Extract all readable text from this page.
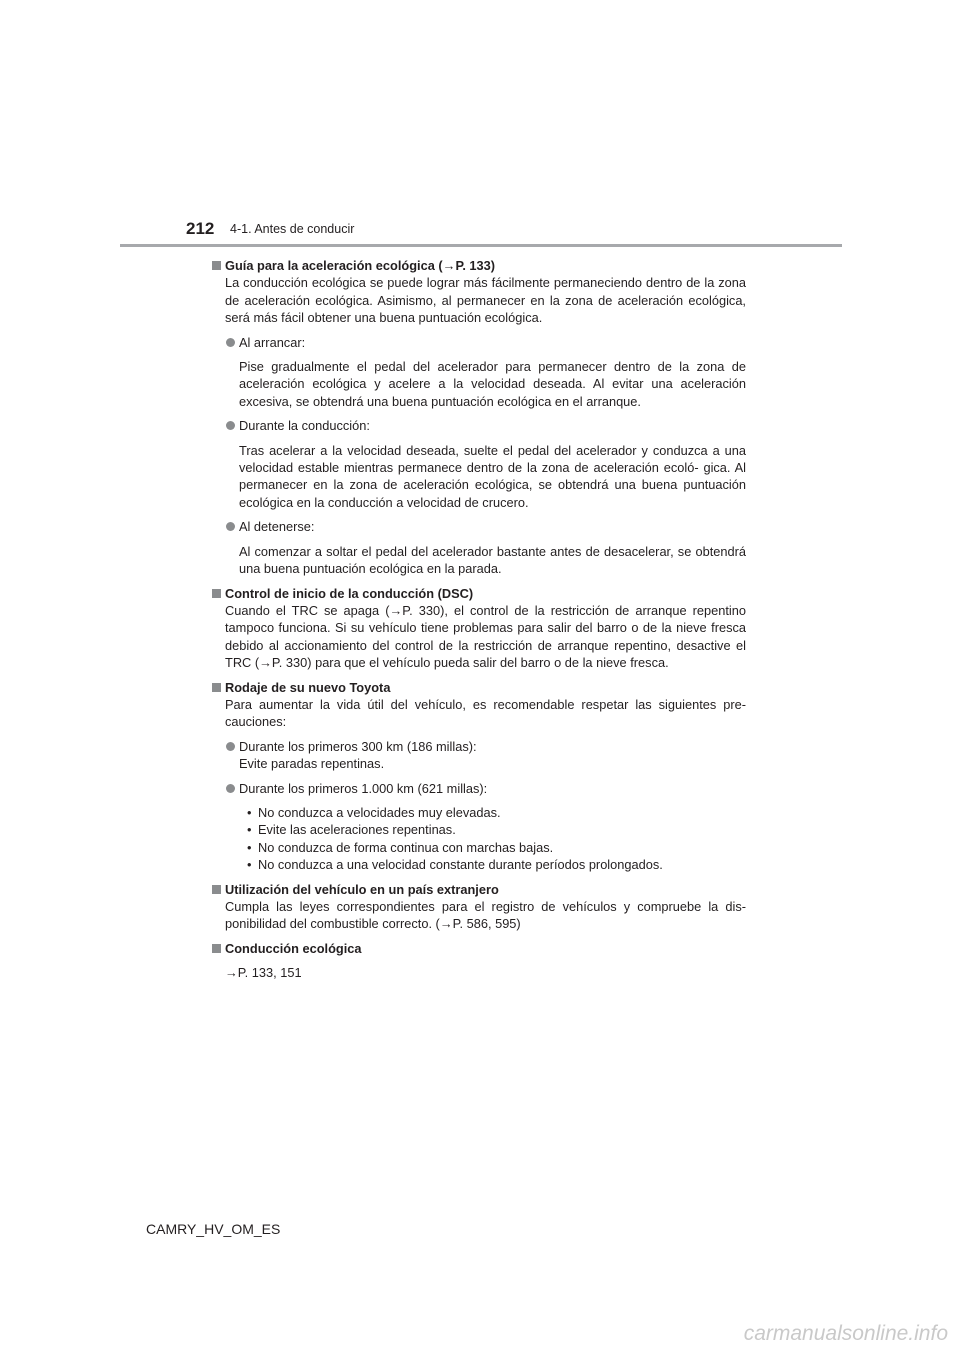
212 4-1. Antes de conducir
Guía para la aceleración ecológica (→P. 133)
La conducción ecológica se puede lograr más fácilmente permaneciendo dentro de la zona de aceleración ecológica. Asimismo, al permanecer en la zona de aceleración ecológica, será más fácil obtener una buena puntuación ecológica.
Al arrancar:
Pise gradualmente el pedal del acelerador para permanecer dentro de la zona de aceleración ecológica y acelere a la velocidad deseada. Al evitar una aceleración excesiva, se obtendrá una buena puntuación ecológica en el arranque.
Durante la conducción:
Tras acelerar a la velocidad deseada, suelte el pedal del acelerador y conduzca a una velocidad estable mientras permanece dentro de la zona de aceleración ecoló- gica. Al permanecer en la zona de aceleración ecológica, se obtendrá una buena puntuación ecológica en la conducción a velocidad de crucero.
Al detenerse:
Al comenzar a soltar el pedal del acelerador bastante antes de desacelerar, se obtendrá una buena puntuación ecológica en la parada.
Control de inicio de la conducción (DSC)
Cuando el TRC se apaga (→P. 330), el control de la restricción de arranque repentino tampoco funciona. Si su vehículo tiene problemas para salir del barro o de la nieve fresca debido al accionamiento del control de la restricción de arranque repentino, desactive el TRC (→P. 330) para que el vehículo pueda salir del barro o de la nieve fresca.
Rodaje de su nuevo Toyota
Para aumentar la vida útil del vehículo, es recomendable respetar las siguientes pre- cauciones:
Durante los primeros 300 km (186 millas):
Evite paradas repentinas.
Durante los primeros 1.000 km (621 millas):
• No conduzca a velocidades muy elevadas.
• Evite las aceleraciones repentinas.
• No conduzca de forma continua con marchas bajas.
• No conduzca a una velocidad constante durante períodos prolongados.
Utilización del vehículo en un país extranjero
Cumpla las leyes correspondientes para el registro de vehículos y compruebe la dis- ponibilidad del combustible correcto. (→P. 586, 595)
Conducción ecológica
→P. 133, 151
CAMRY_HV_OM_ES
carmanualsonline.info
